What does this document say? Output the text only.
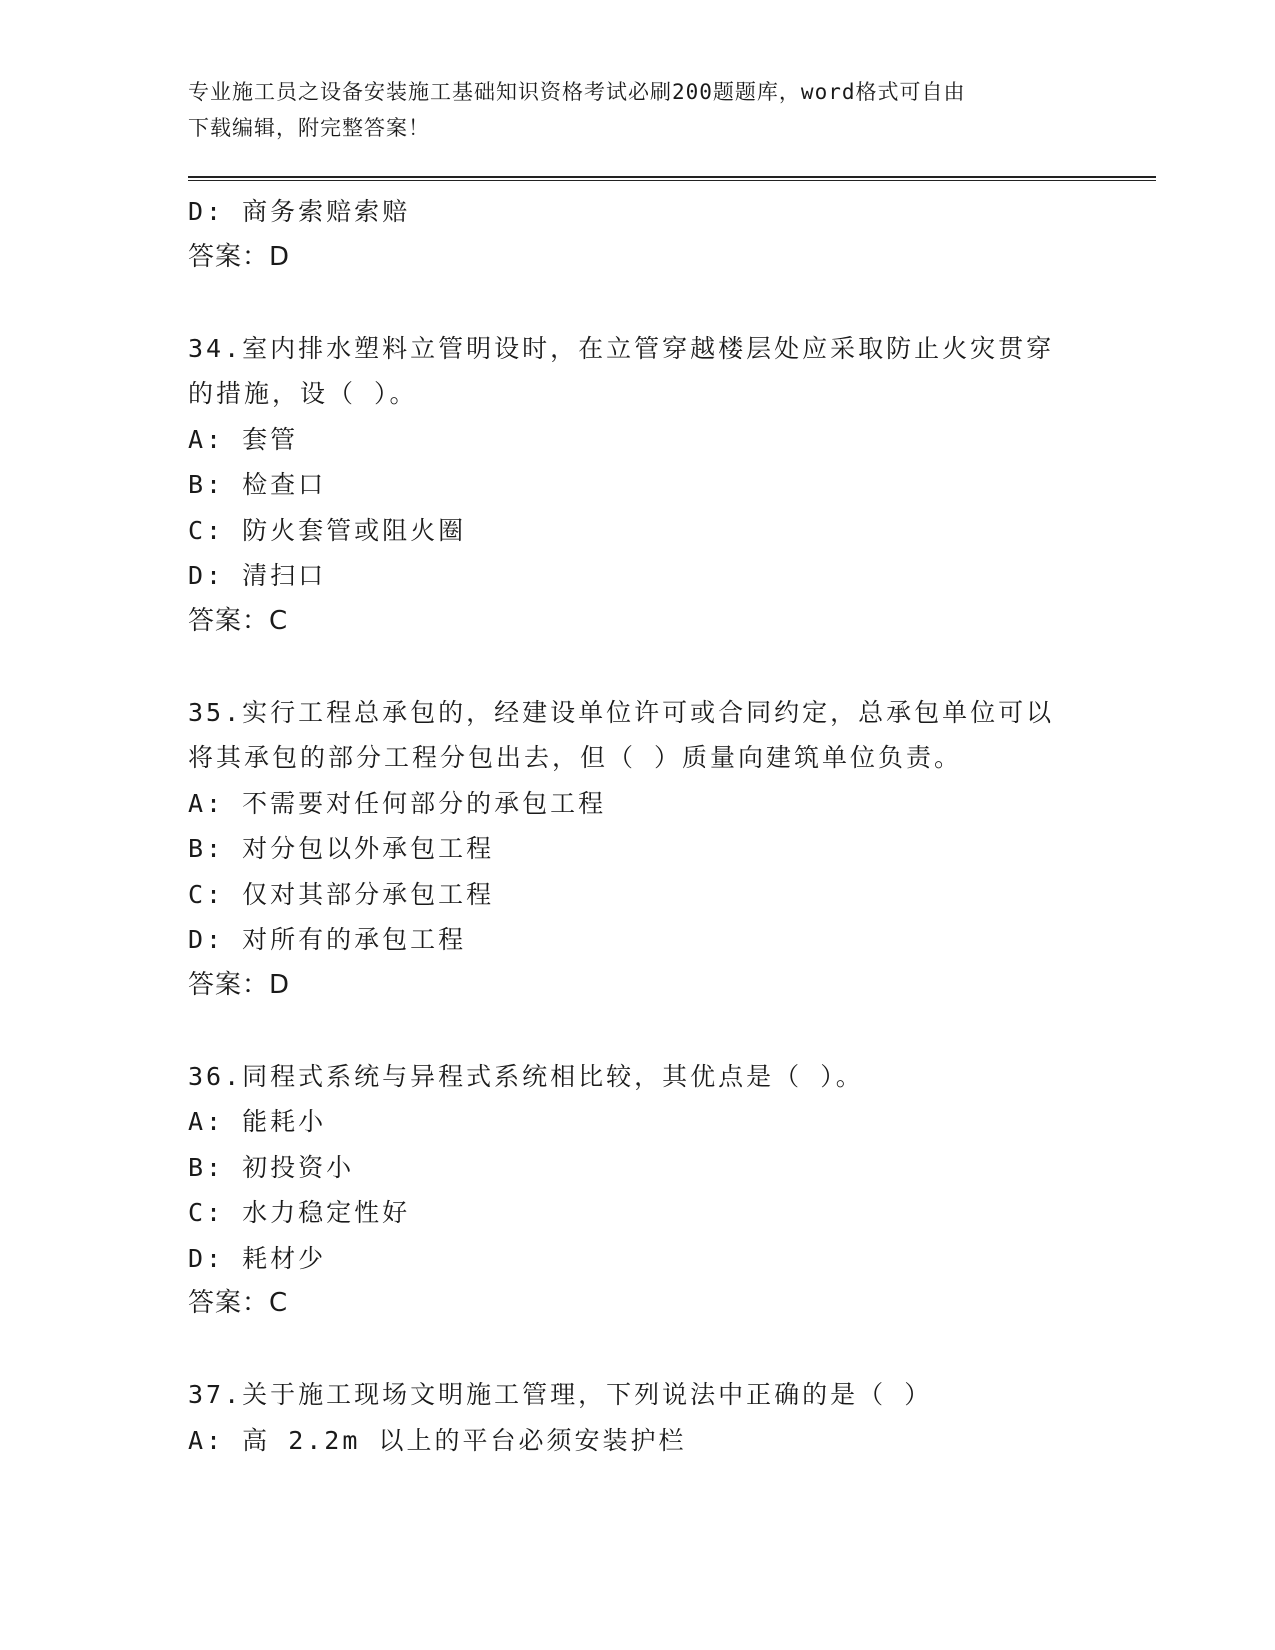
专业施工员之设备安装施工基础知识资格考试必刷200题题库，word格式可自由
下载编辑，附完整答案！
D: 商务索赔索赔
答案：D
34.室内排水塑料立管明设时，在立管穿越楼层处应采取防止火灾贯穿
的措施，设（ ）。
A: 套管
B: 检查口
C: 防火套管或阻火圈
D: 清扫口
答案：C
35.实行工程总承包的，经建设单位许可或合同约定，总承包单位可以
将其承包的部分工程分包出去，但（ ）质量向建筑单位负责。
A: 不需要对任何部分的承包工程
B: 对分包以外承包工程
C: 仅对其部分承包工程
D: 对所有的承包工程
答案：D
36.同程式系统与异程式系统相比较，其优点是（ ）。
A: 能耗小
B: 初投资小
C: 水力稳定性好
D: 耗材少
答案：C
37.关于施工现场文明施工管理，下列说法中正确的是（ ）
A: 高 2.2m 以上的平台必须安装护栏
